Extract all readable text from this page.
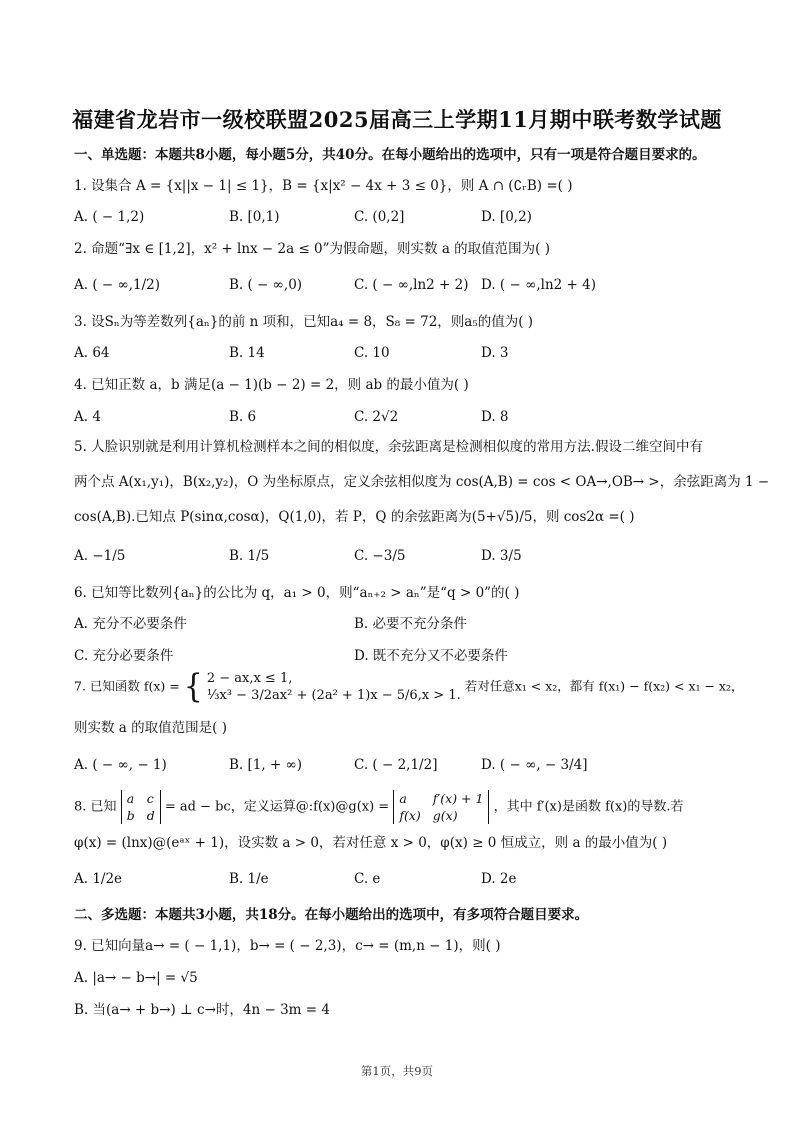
福建省龙岩市一级校联盟2025届高三上学期11月期中联考数学试题
一、单选题：本题共8小题，每小题5分，共40分。在每小题给出的选项中，只有一项是符合题目要求的。
1. 设集合 A = {x||x − 1| ≤ 1}，B = {x|x² − 4x + 3 ≤ 0}，则 A ∩ (∁ᵣB) =( )
A. ( − 1,2)	B. [0,1)	C. (0,2]	D. [0,2)
2. 命题“∃x ∈ [1,2]，x² + lnx − 2a ≤ 0”为假命题，则实数 a 的取值范围为( )
A. ( − ∞,1/2)	B. ( − ∞,0)	C. ( − ∞,ln2 + 2) D. ( − ∞,ln2 + 4)
3. 设Sₙ为等差数列{aₙ}的前 n 项和，已知a₄ = 8，S₈ = 72，则a₅的值为( )
A. 64	B. 14	C. 10	D. 3
4. 已知正数 a，b 满足(a − 1)(b − 2) = 2，则 ab 的最小值为( )
A. 4	B. 6	C. 2√2	D. 8
5. 人脸识别就是利用计算机检测样本之间的相似度，余弦距离是检测相似度的常用方法.假设二维空间中有
两个点 A(x₁,y₁)，B(x₂,y₂)，O 为坐标原点，定义余弦相似度为 cos(A,B) = cos < OA→,OB→ >，余弦距离为 1 −
cos(A,B).已知点 P(sinα,cosα)，Q(1,0)，若 P，Q 的余弦距离为(5+√5)/5，则 cos2α =( )
A. −1/5	B. 1/5	C. −3/5	D. 3/5
6. 已知等比数列{aₙ}的公比为 q，a₁ > 0，则“aₙ₊₂ > aₙ”是“q > 0”的( )
A. 充分不必要条件	B. 必要不充分条件
C. 充分必要条件	D. 既不充分又不必要条件
7. 已知函数 f(x) = { 2 − ax,x ≤ 1,
⅓x³ − 3/2ax² + (2a² + 1)x − 5/6,x > 1.
若对任意x₁ < x₂，都有 f(x₁) − f(x₂) < x₁ − x₂，
则实数 a 的取值范围是( )
A. ( − ∞, − 1)	B. [1, + ∞)	C. ( − 2,1/2]	D. ( − ∞, − 3/4]
8. 已知
a c
b d
= ad − bc，定义运算@:f(x)@g(x) =
a	f′(x) + 1
f(x) g(x)
，其中 f′(x)是函数 f(x)的导数.若
φ(x) = (lnx)@(eᵃˣ + 1)，设实数 a > 0，若对任意 x > 0，φ(x) ≥ 0 恒成立，则 a 的最小值为( )
A. 1/2e	B. 1/e	C. e	D. 2e
二、多选题：本题共3小题，共18分。在每小题给出的选项中，有多项符合题目要求。
9. 已知向量a→ = ( − 1,1)，b→ = ( − 2,3)，c→ = (m,n − 1)，则( )
A. |a→ − b→| = √5
B. 当(a→ + b→) ⊥ c→时，4n − 3m = 4
第1页，共9页
